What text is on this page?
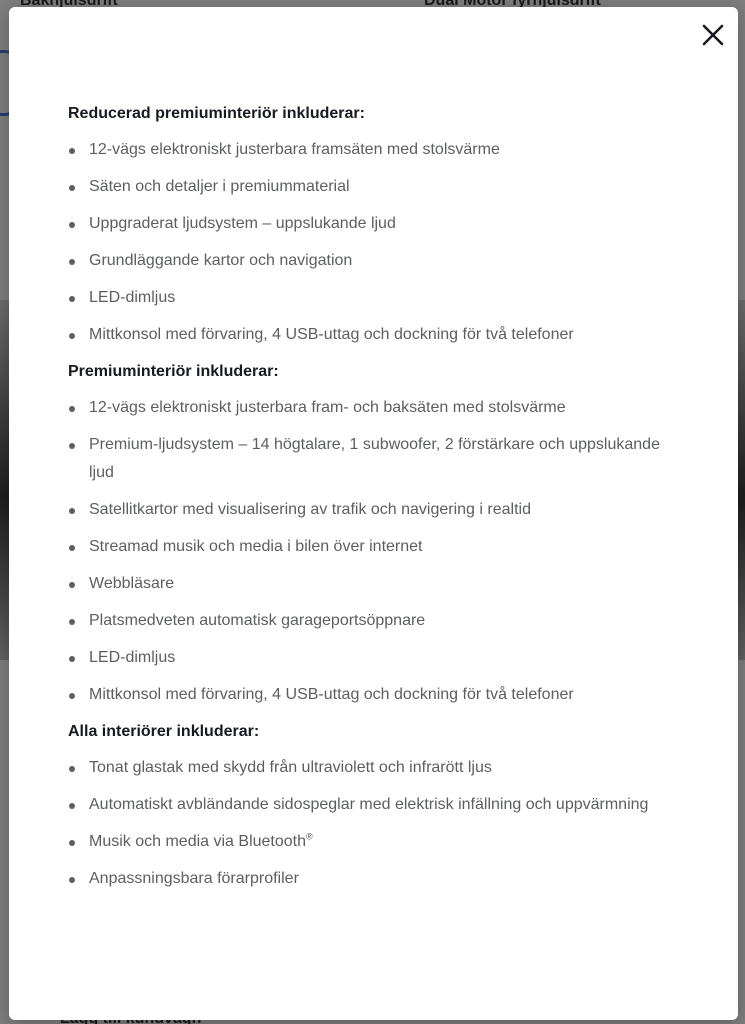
Reducerad premiuminteriör inkluderar:
12-vägs elektroniskt justerbara framsäten med stolsvärme
Säten och detaljer i premiummaterial
Uppgraderat ljudsystem – uppslukande ljud
Grundläggande kartor och navigation
LED-dimljus
Mittkonsol med förvaring, 4 USB-uttag och dockning för två telefoner
Premiuminteriör inkluderar:
12-vägs elektroniskt justerbara fram- och baksäten med stolsvärme
Premium-ljudsystem – 14 högtalare, 1 subwoofer, 2 förstärkare och uppslukande ljud
Satellitkartor med visualisering av trafik och navigering i realtid
Streamad musik och media i bilen över internet
Webbläsare
Platsmedveten automatisk garageportsöppnare
LED-dimljus
Mittkonsol med förvaring, 4 USB-uttag och dockning för två telefoner
Alla interiörer inkluderar:
Tonat glastak med skydd från ultraviolett och infrarött ljus
Automatiskt avbländande sidospeglar med elektrisk infällning och uppvärmning
Musik och media via Bluetooth®
Anpassningsbara förarprofiler
